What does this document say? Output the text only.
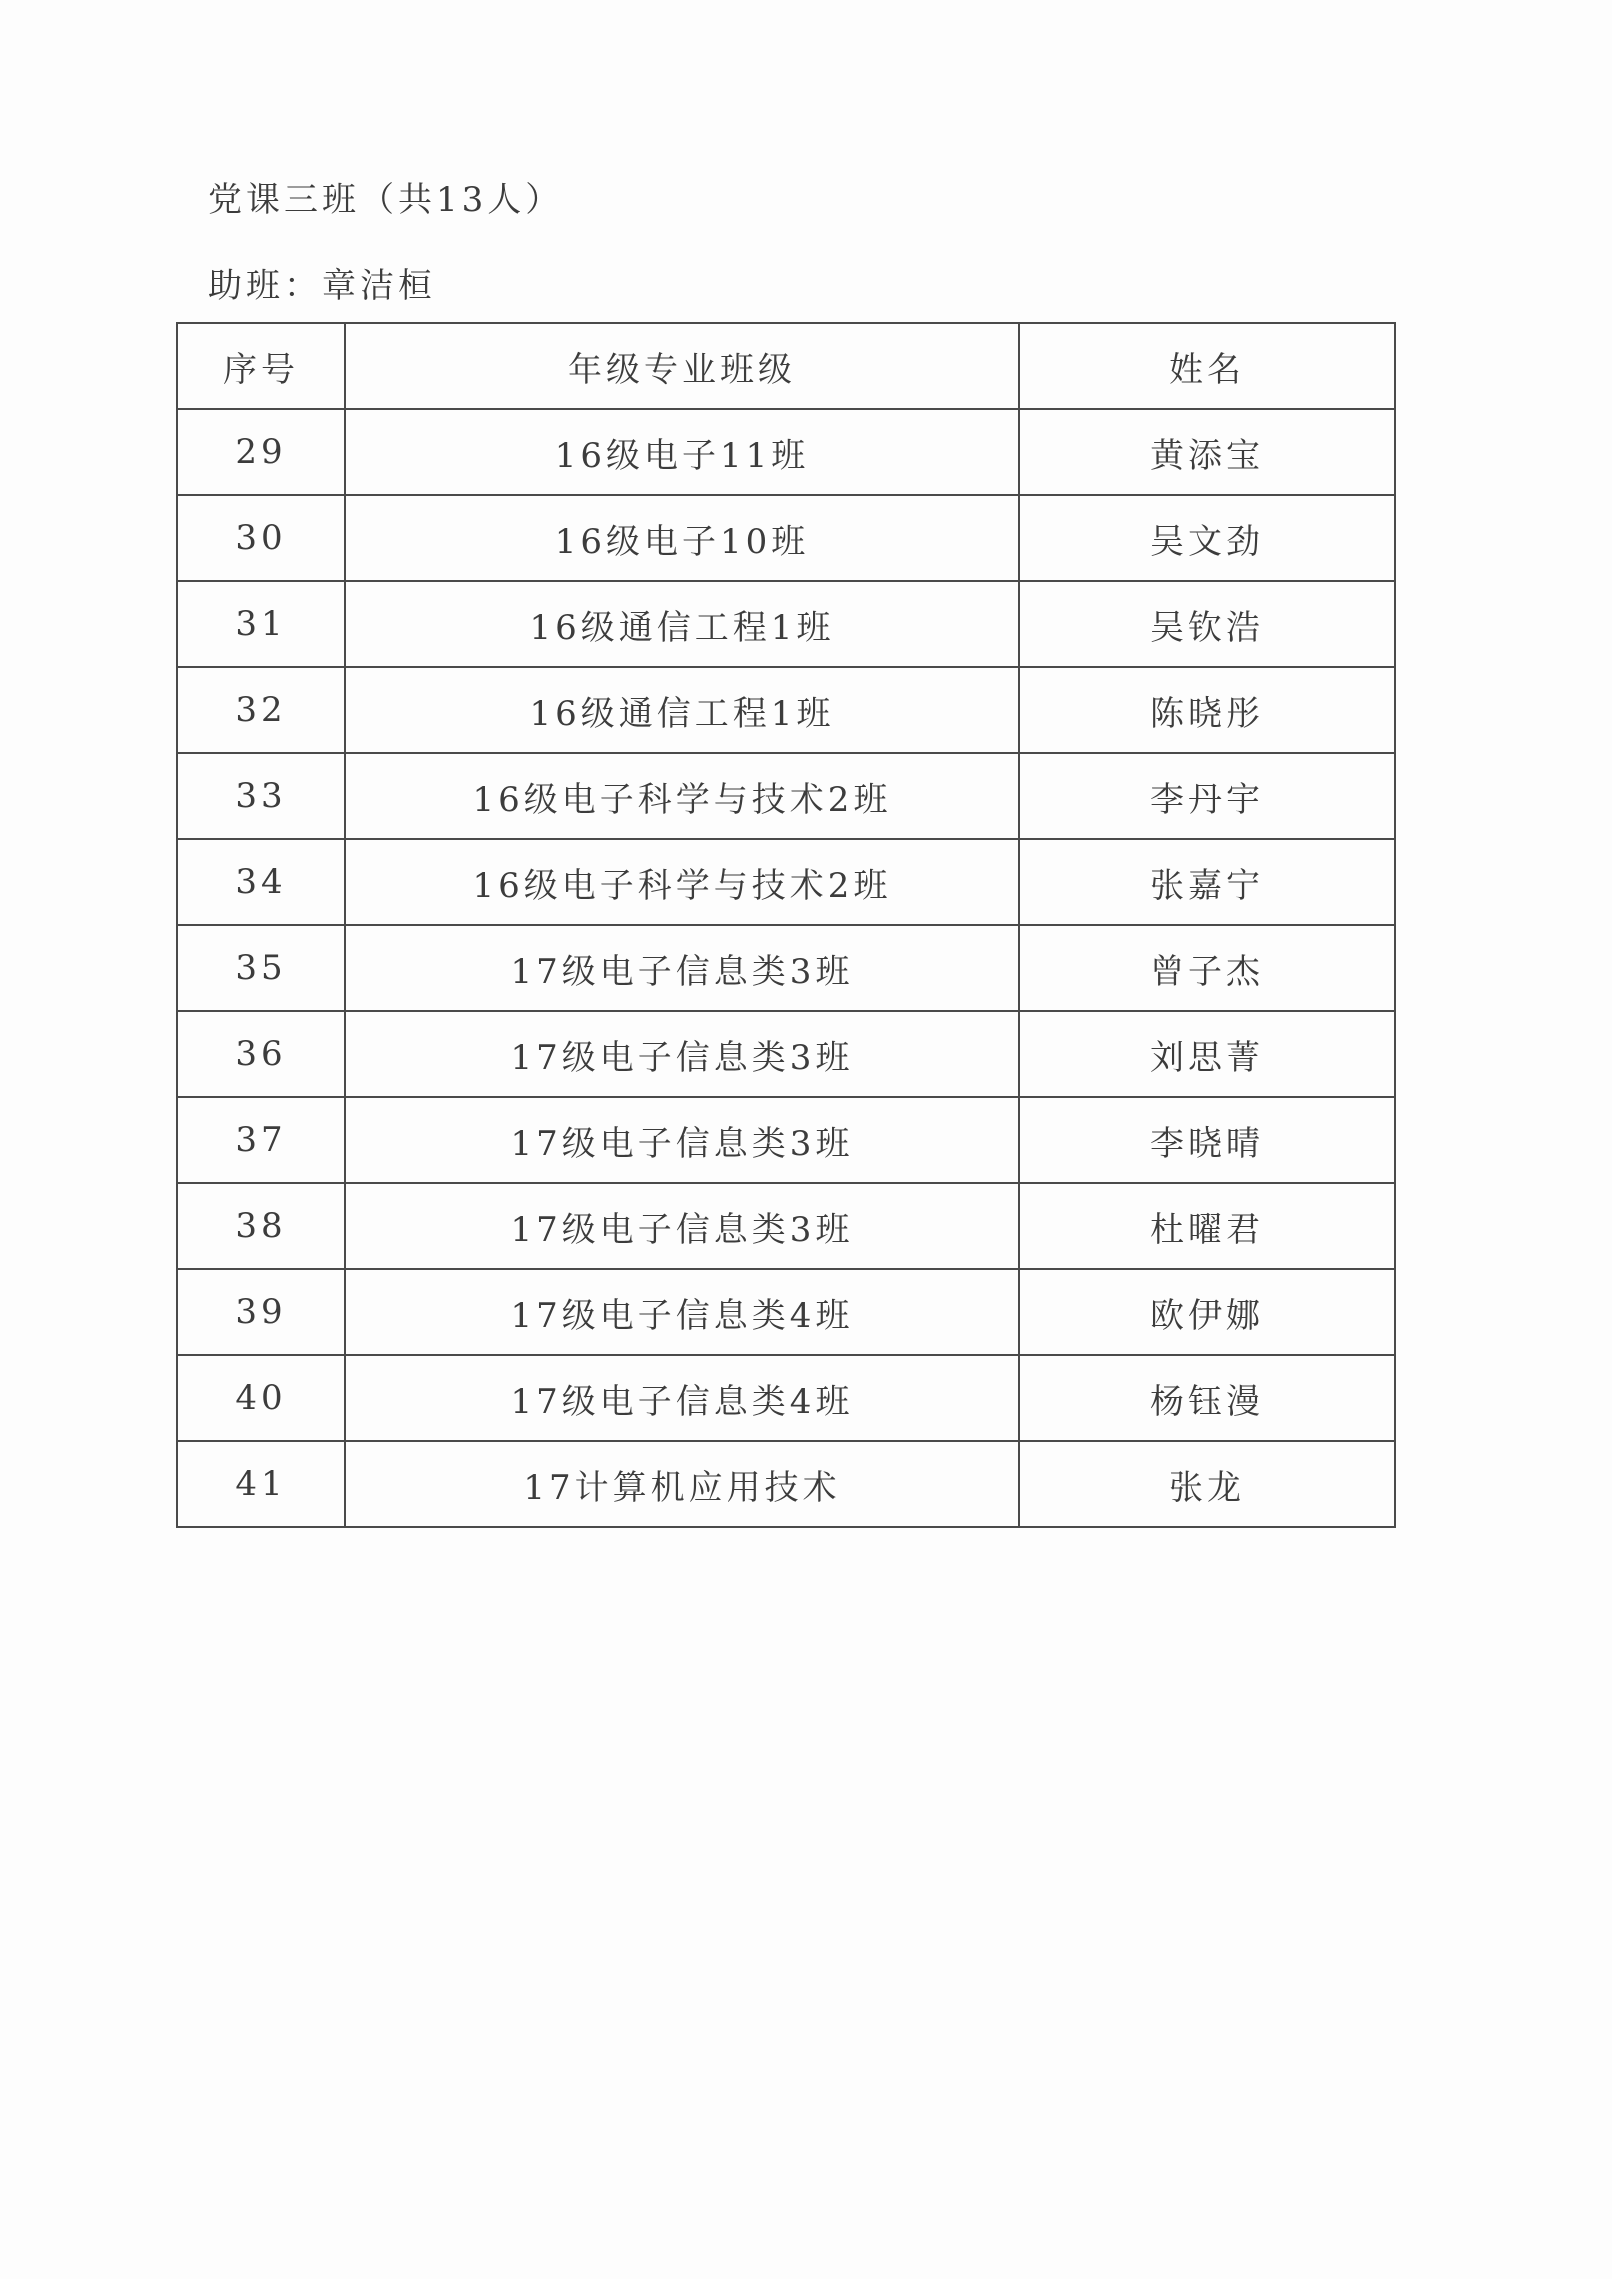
党课三班（共13人）
助班：章洁桓
序号	年级专业班级	姓名
29	16级电子11班	黄添宝
30	16级电子10班	吴文劲
31	16级通信工程1班	吴钦浩
32	16级通信工程1班	陈晓彤
33	16级电子科学与技术2班	李丹宇
34	16级电子科学与技术2班	张嘉宁
35	17级电子信息类3班	曾子杰
36	17级电子信息类3班	刘思菁
37	17级电子信息类3班	李晓晴
38	17级电子信息类3班	杜曜君
39	17级电子信息类4班	欧伊娜
40	17级电子信息类4班	杨钰漫
41	17计算机应用技术	张龙
